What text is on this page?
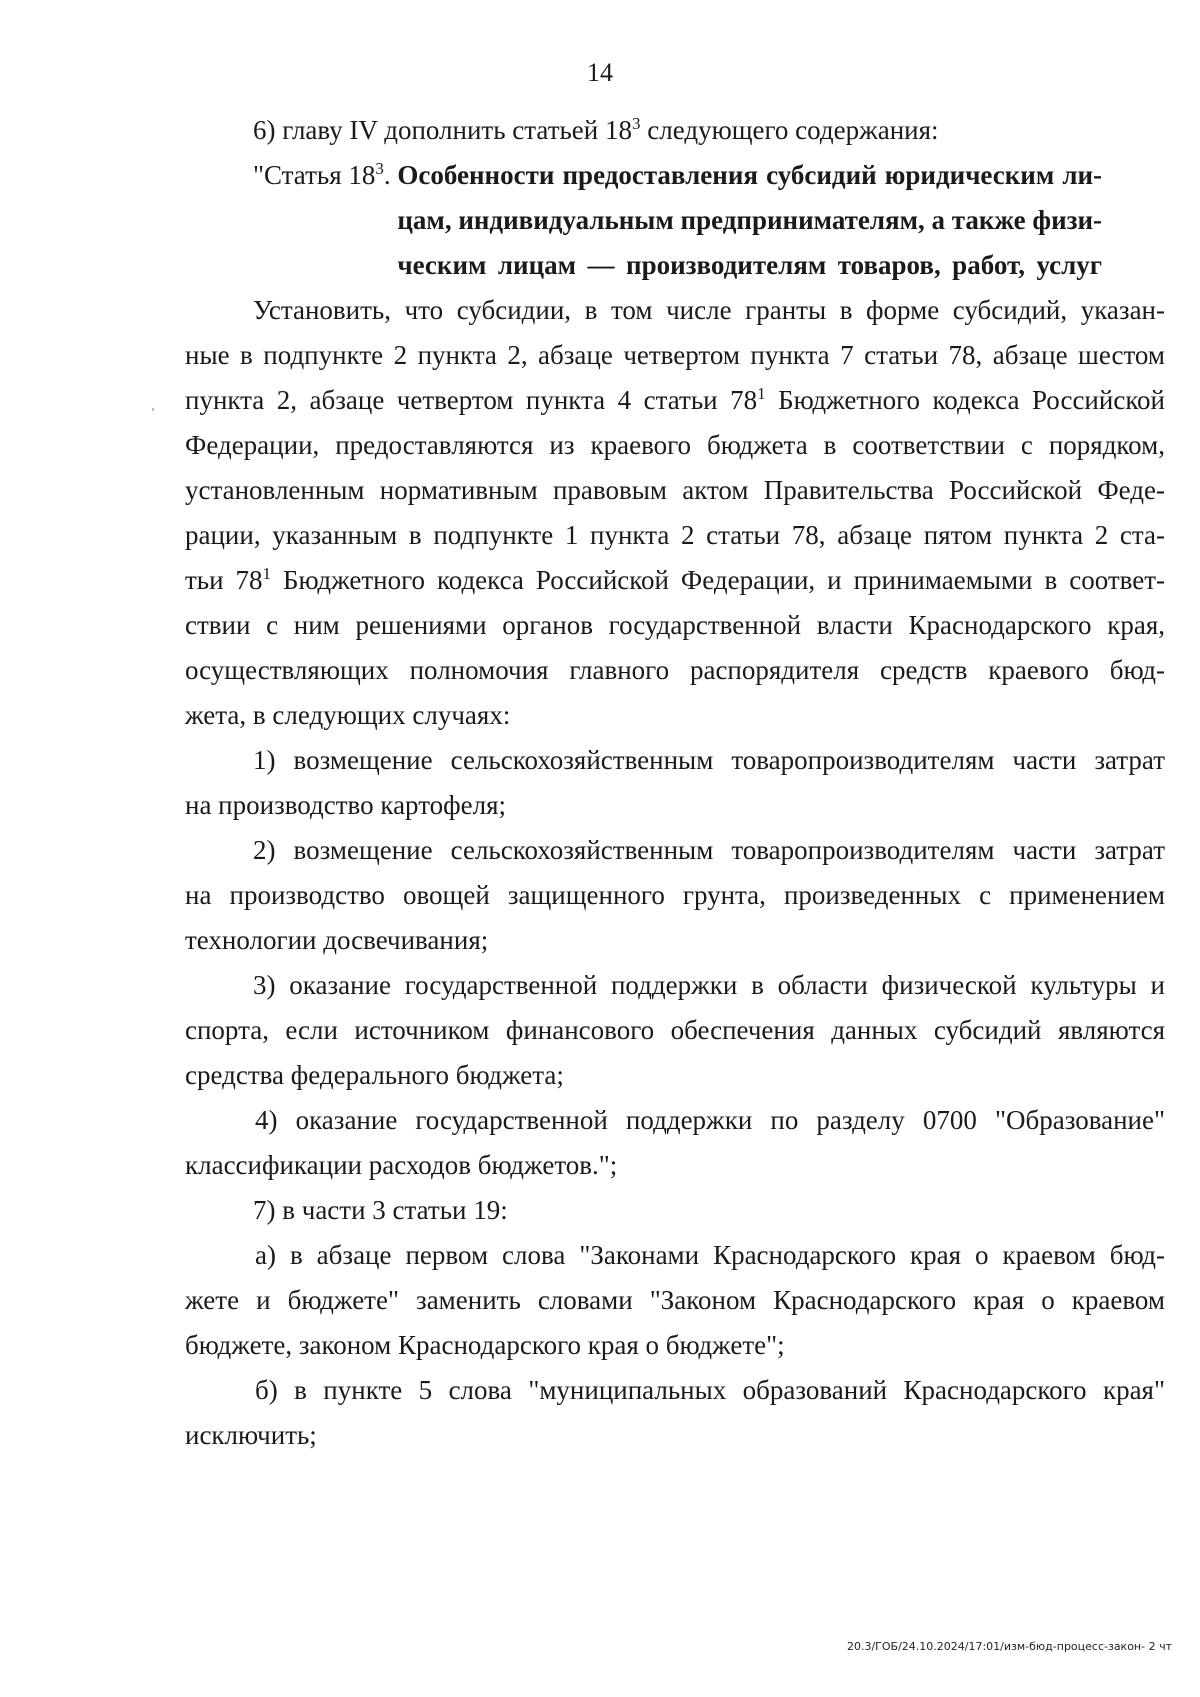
14
6) главу IV дополнить статьей $18^3$ следующего содержания:
"Статья $18^3$. Особенности предоставления субсидий юридическим ли-
цам, индивидуальным предпринимателям, а также физи-
ческим лицам — производителям товаров, работ, услуг
Установить, что субсидии, в том числе гранты в форме субсидий, указан-
ные в подпункте 2 пункта 2, абзаце четвертом пункта 7 статьи 78, абзаце шестом
пункта 2, абзаце четвертом пункта 4 статьи $78^1$ Бюджетного кодекса Российской
Федерации, предоставляются из краевого бюджета в соответствии с порядком,
установленным нормативным правовым актом Правительства Российской Феде-
рации, указанным в подпункте 1 пункта 2 статьи 78, абзаце пятом пункта 2 ста-
тьи $78^1$ Бюджетного кодекса Российской Федерации, и принимаемыми в соответ-
ствии с ним решениями органов государственной власти Краснодарского края,
осуществляющих полномочия главного распорядителя средств краевого бюд-
жета, в следующих случаях:
1) возмещение сельскохозяйственным товаропроизводителям части затрат
на производство картофеля;
2) возмещение сельскохозяйственным товаропроизводителям части затрат
на производство овощей защищенного грунта, произведенных с применением
технологии досвечивания;
3) оказание государственной поддержки в области физической культуры и
спорта, если источником финансового обеспечения данных субсидий являются
средства федерального бюджета;
4) оказание государственной поддержки по разделу 0700 "Образование"
классификации расходов бюджетов.";
7) в части 3 статьи 19:
а) в абзаце первом слова "Законами Краснодарского края о краевом бюд-
жете и бюджете" заменить словами "Законом Краснодарского края о краевом
бюджете, законом Краснодарского края о бюджете";
б) в пункте 5 слова "муниципальных образований Краснодарского края"
исключить;
20.3/ГОБ/24.10.2024/17:01/изм-бюд-процесс-закон- 2 чт
